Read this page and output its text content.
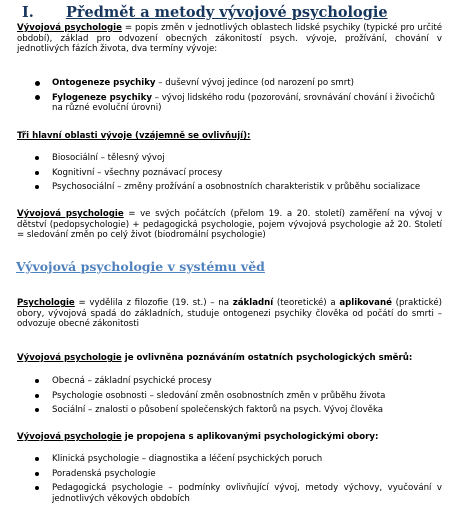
I. Předmět a metody vývojové psychologie
Vývojová psychologie = popis změn v jednotlivých oblastech lidské psychiky (typické pro určité období), základ pro odvození obecných zákonitostí psych. vývoje, prožívání, chování v jednotlivých fázích života, dva termíny vývoje:
Ontogeneze psychiky – duševní vývoj jedince (od narození po smrt)
Fylogeneze psychiky – vývoj lidského rodu (pozorování, srovnávání chování i živočichů na různé evoluční úrovni)
Tři hlavní oblasti vývoje (vzájemně se ovlivňují):
Biosociální – tělesný vývoj
Kognitivní – všechny poznávací procesy
Psychosociální – změny prožívání a osobnostních charakteristik v průběhu socializace
Vývojová psychologie = ve svých počátcích (přelom 19. a 20. století) zaměření na vývoj v dětství (pedopsychologie) + pedagogická psychologie, pojem vývojová psychologie až 20. Století = sledování změn po celý život (biodromální psychologie)
Vývojová psychologie v systému věd
Psychologie = vydělila z filozofie (19. st.) – na základní (teoretické) a aplikované (praktické) obory, vývojová spadá do základních, studuje ontogenezi psychiky člověka od počátí do smrti – odvozuje obecné zákonitosti
Vývojová psychologie je ovlivněna poznáváním ostatních psychologických směrů:
Obecná – základní psychické procesy
Psychologie osobnosti – sledování změn osobnostních změn v průběhu života
Sociální – znalosti o působení společenských faktorů na psych. Vývoj člověka
Vývojová psychologie je propojena s aplikovanými psychologickými obory:
Klinická psychologie – diagnostika a léčení psychických poruch
Poradenská psychologie
Pedagogická psychologie – podmínky ovlivňující vývoj, metody výchovy, vyučování v jednotlivých věkových obdobích
